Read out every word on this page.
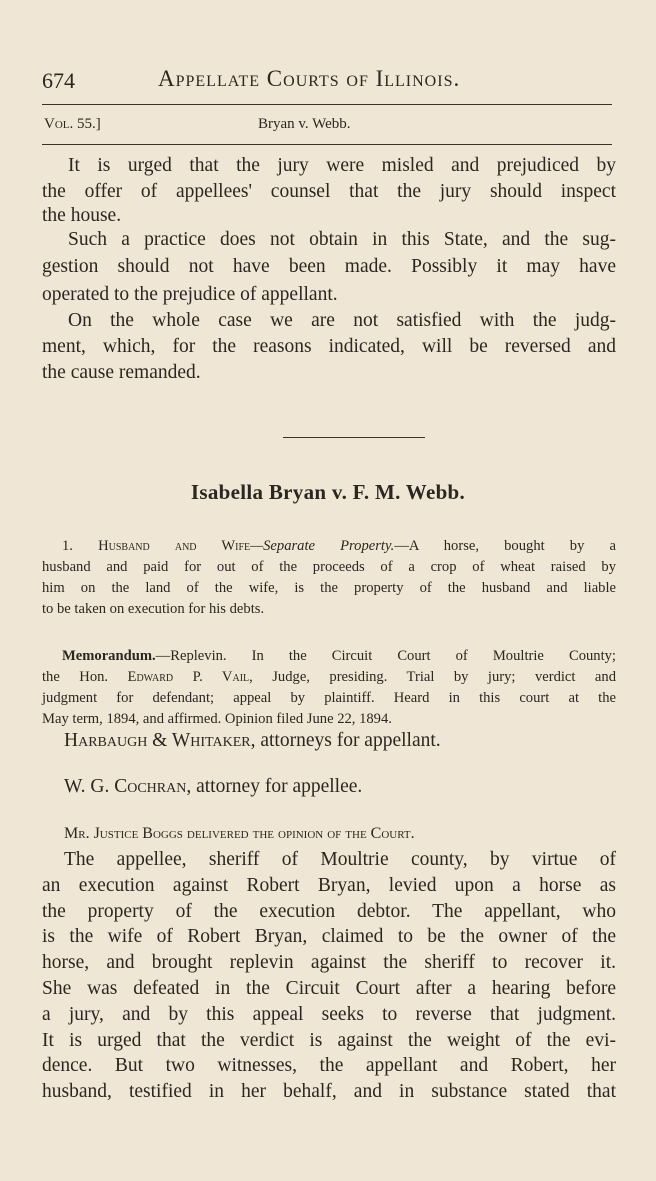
674	Appellate Courts of Illinois.
Vol. 55.]	Bryan v. Webb.
It is urged that the jury were misled and prejudiced by
the offer of appellees' counsel that the jury should inspect
the house.
Such a practice does not obtain in this State, and the sug-
gestion should not have been made. Possibly it may have
operated to the prejudice of appellant.
On the whole case we are not satisfied with the judg-
ment, which, for the reasons indicated, will be reversed and
the cause remanded.
Isabella Bryan v. F. M. Webb.
1. Husband and Wife—Separate Property.—A horse, bought by a
husband and paid for out of the proceeds of a crop of wheat raised by
him on the land of the wife, is the property of the husband and liable
to be taken on execution for his debts.
Memorandum.—Replevin. In the Circuit Court of Moultrie County;
the Hon. Edward P. Vail, Judge, presiding. Trial by jury; verdict and
judgment for defendant; appeal by plaintiff. Heard in this court at the
May term, 1894, and affirmed. Opinion filed June 22, 1894.
Harbaugh & Whitaker, attorneys for appellant.
W. G. Cochran, attorney for appellee.
Mr. Justice Boggs delivered the opinion of the Court.
The appellee, sheriff of Moultrie county, by virtue of
an execution against Robert Bryan, levied upon a horse as
the property of the execution debtor. The appellant, who
is the wife of Robert Bryan, claimed to be the owner of the
horse, and brought replevin against the sheriff to recover it.
She was defeated in the Circuit Court after a hearing before
a jury, and by this appeal seeks to reverse that judgment.
It is urged that the verdict is against the weight of the evi-
dence. But two witnesses, the appellant and Robert, her
husband, testified in her behalf, and in substance stated that
